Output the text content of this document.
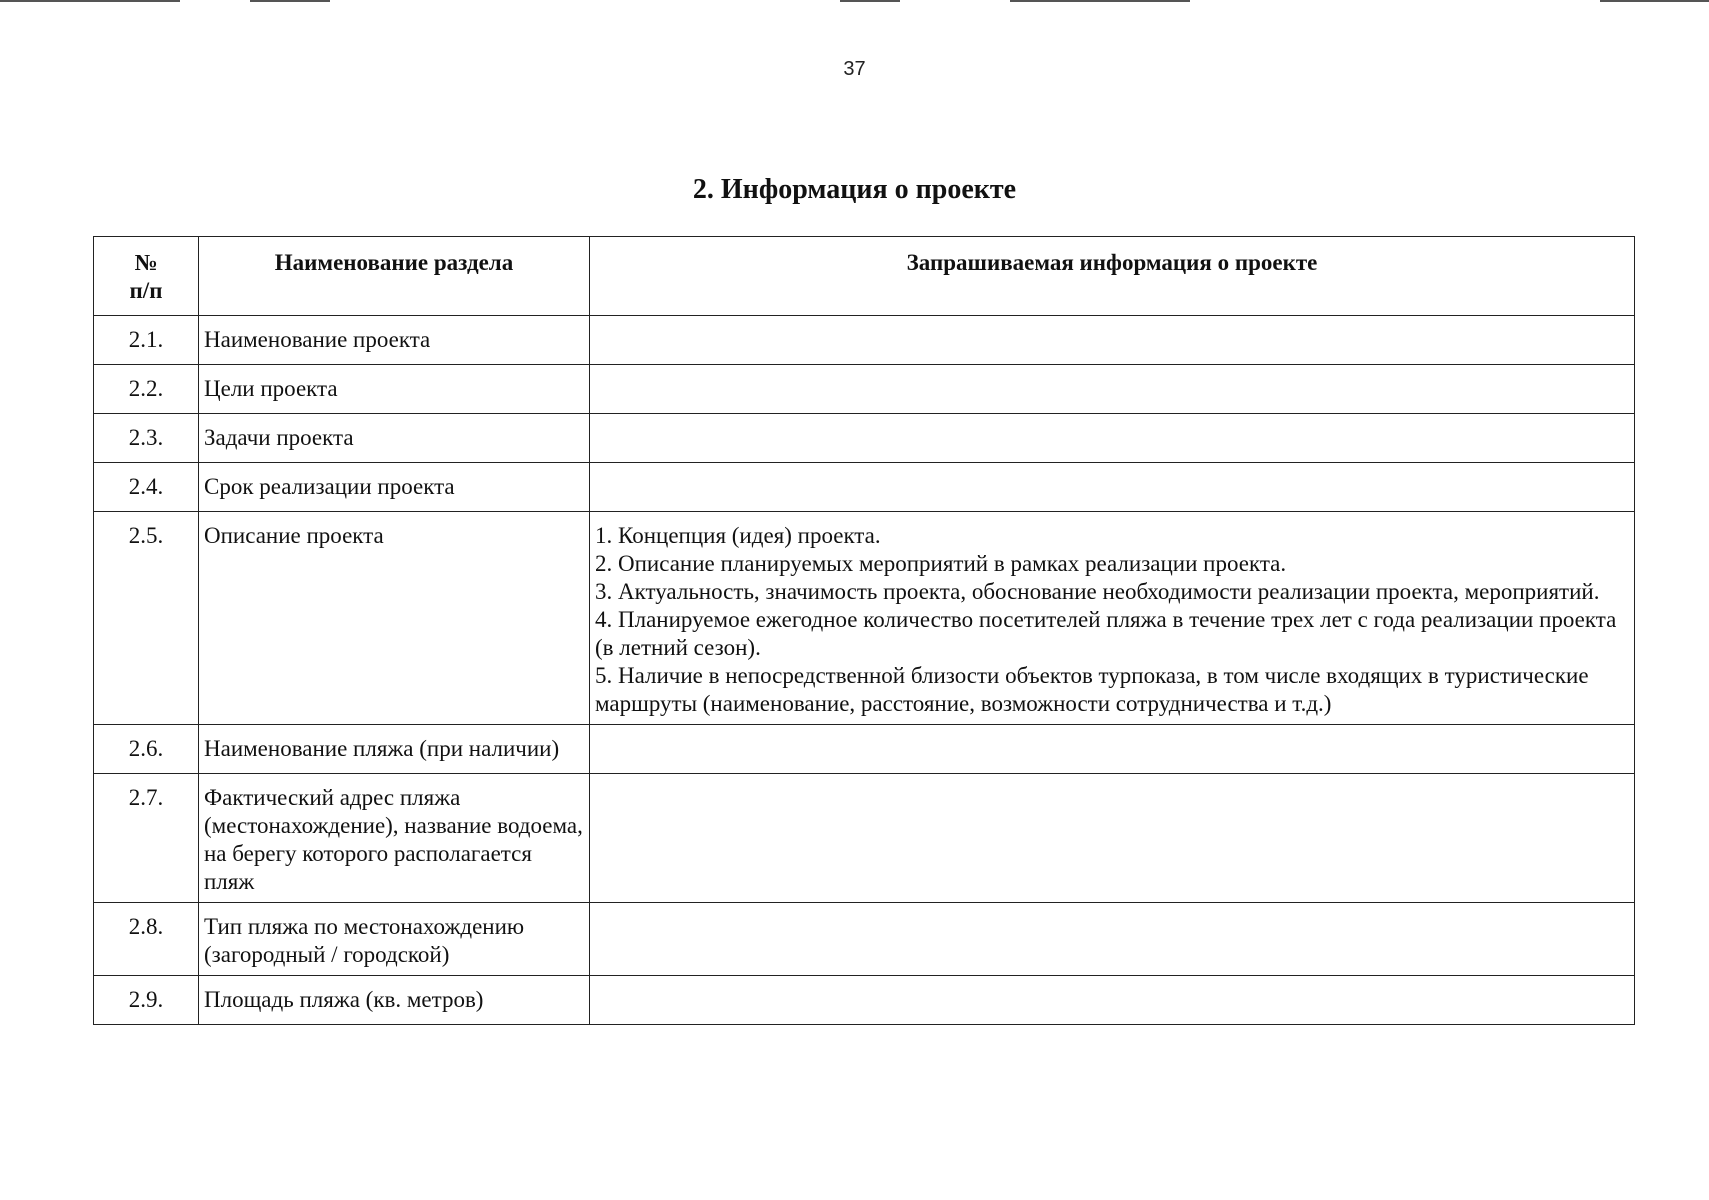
37
2. Информация о проекте
№
п/п	Наименование раздела	Запрашиваемая информация о проекте
2.1.	Наименование проекта	
2.2.	Цели проекта	
2.3.	Задачи проекта	
2.4.	Срок реализации проекта	
2.5.	Описание проекта	1. Концепция (идея) проекта.
2. Описание планируемых мероприятий в рамках реализации проекта.
3. Актуальность, значимость проекта, обоснование необходимости реализации проекта, мероприятий.
4. Планируемое ежегодное количество посетителей пляжа в течение трех лет с года реализации проекта (в летний сезон).
5. Наличие в непосредственной близости объектов турпоказа, в том числе входящих в туристические маршруты (наименование, расстояние, возможности сотрудничества и т.д.)

2.6.	Наименование пляжа (при наличии)	
2.7.	Фактический адрес пляжа (местонахождение), название водоема, на берегу которого располагается пляж	
2.8.	Тип пляжа по местонахождению (загородный / городской)	
2.9.	Площадь пляжа (кв. метров)	
